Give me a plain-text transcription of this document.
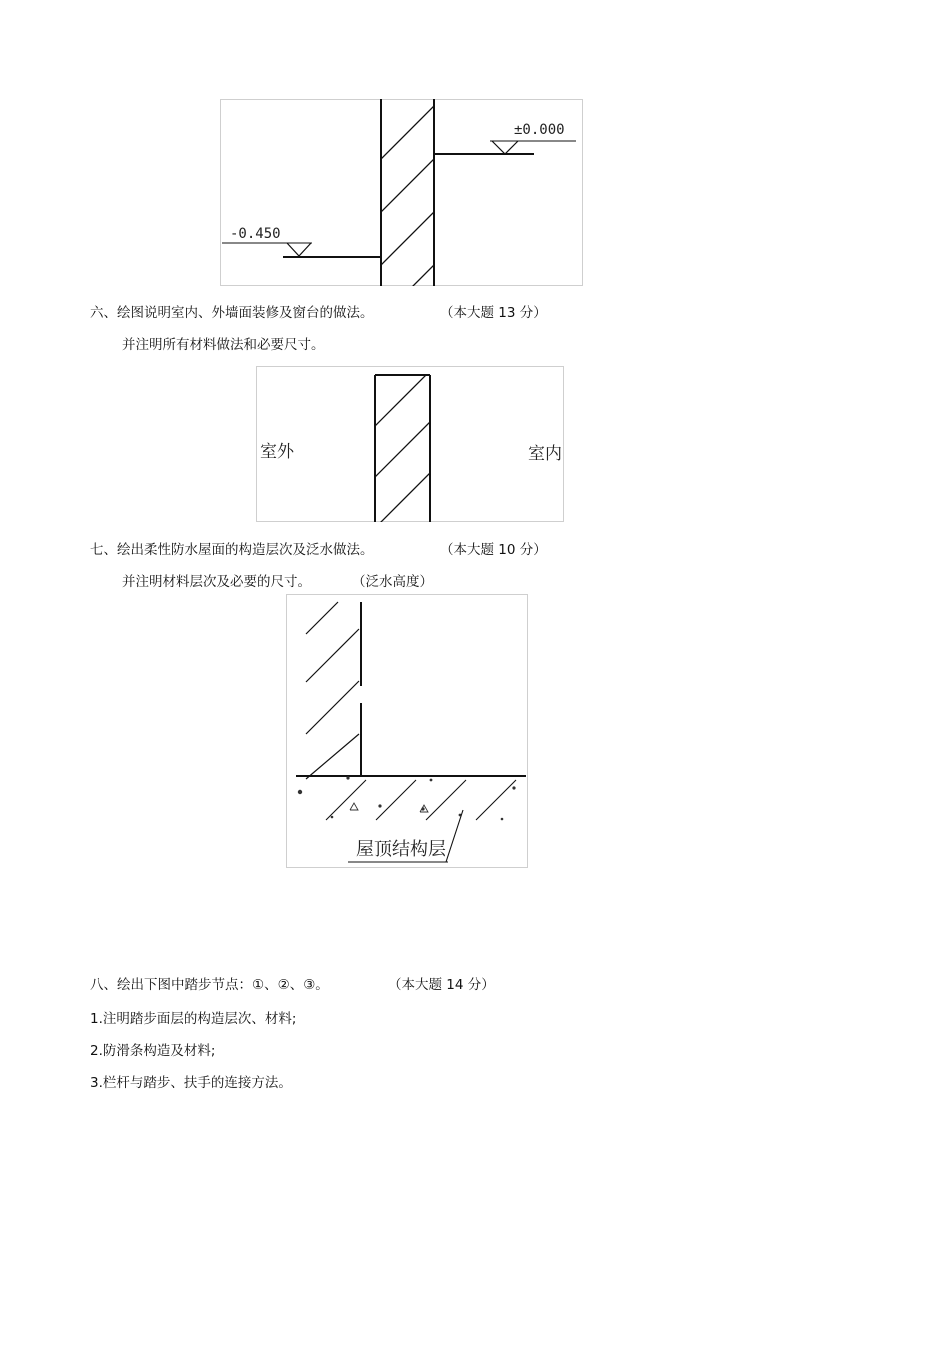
±0.000
-0.450
六、绘图说明室内、外墙面装修及窗台的做法。	（本大题 13 分）
并注明所有材料做法和必要尺寸。
室外	室内
七、绘出柔性防水屋面的构造层次及泛水做法。	（本大题 10 分）
并注明材料层次及必要的尺寸。	（泛水高度）
屋顶结构层
八、绘出下图中踏步节点：①、②、③。	（本大题 14 分）
1.注明踏步面层的构造层次、材料;
2.防滑条构造及材料;
3.栏杆与踏步、扶手的连接方法。
